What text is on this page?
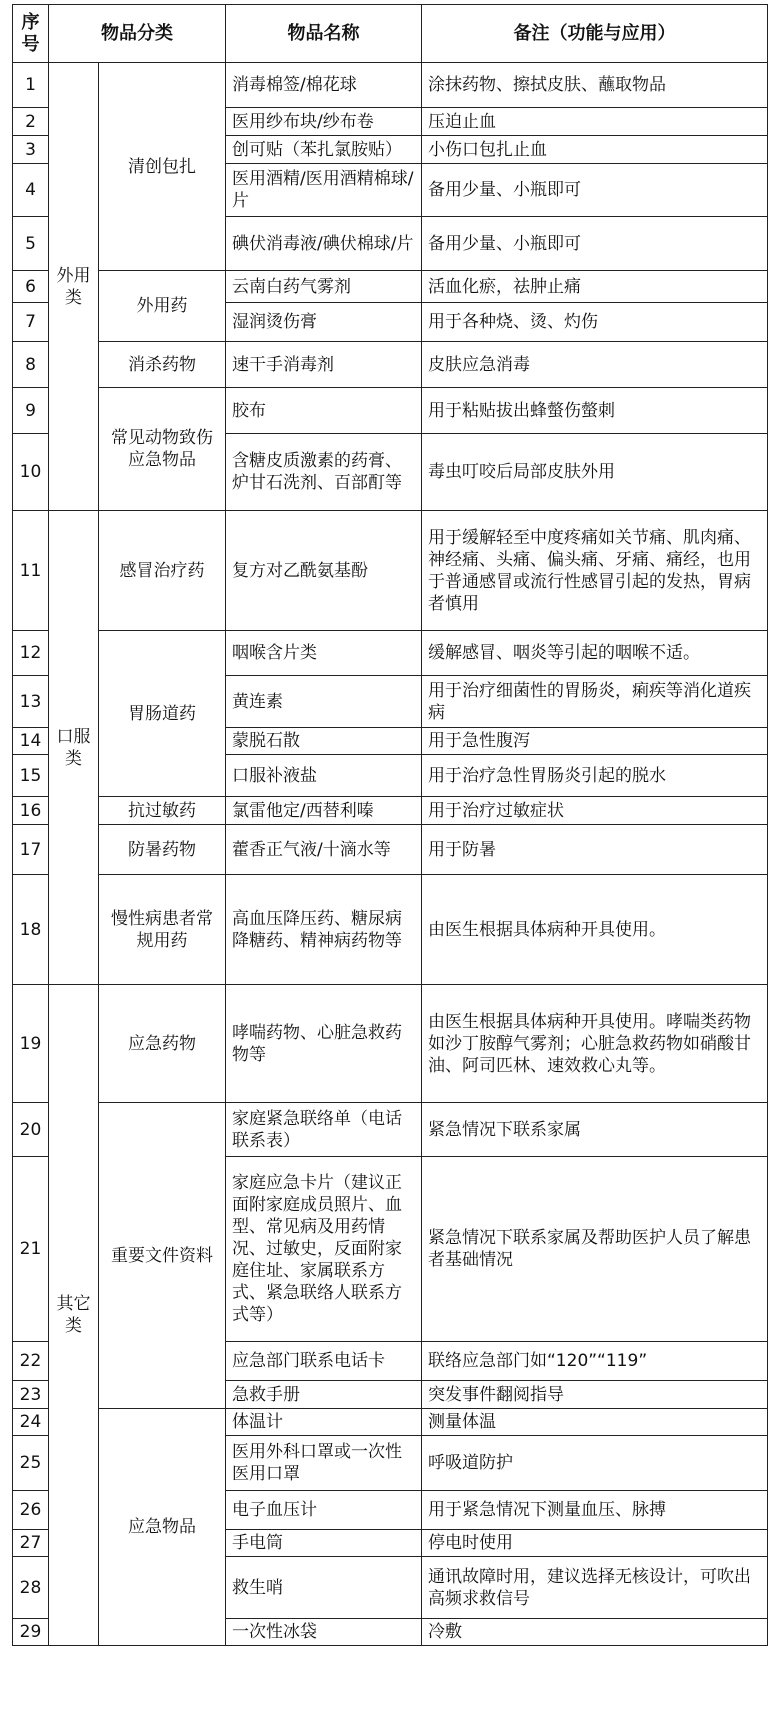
序号	物品分类		物品名称	备注（功能与应用）
1	外用类	清创包扎	消毒棉签/棉花球	涂抹药物、擦拭皮肤、蘸取物品
2			医用纱布块/纱布卷	压迫止血
3			创可贴（苯扎氯胺贴）	小伤口包扎止血
4			医用酒精/医用酒精棉球/片	备用少量、小瓶即可
5			碘伏消毒液/碘伏棉球/片	备用少量、小瓶即可
6		外用药	云南白药气雾剂	活血化瘀，祛肿止痛
7			湿润烫伤膏	用于各种烧、烫、灼伤
8		消杀药物	速干手消毒剂	皮肤应急消毒
9		常见动物致伤应急物品	胶布	用于粘贴拔出蜂螫伤螫刺
10			含糖皮质激素的药膏、炉甘石洗剂、百部酊等	毒虫叮咬后局部皮肤外用
11	口服类	感冒治疗药	复方对乙酰氨基酚	用于缓解轻至中度疼痛如关节痛、肌肉痛、神经痛、头痛、偏头痛、牙痛、痛经，也用于普通感冒或流行性感冒引起的发热，胃病者慎用
12		胃肠道药	咽喉含片类	缓解感冒、咽炎等引起的咽喉不适。
13			黄连素	用于治疗细菌性的胃肠炎，痢疾等消化道疾病
14			蒙脱石散	用于急性腹泻
15			口服补液盐	用于治疗急性胃肠炎引起的脱水
16		抗过敏药	氯雷他定/西替利嗪	用于治疗过敏症状
17		防暑药物	藿香正气液/十滴水等	用于防暑
18		慢性病患者常规用药	高血压降压药、糖尿病降糖药、精神病药物等	由医生根据具体病种开具使用。
19	其它类	应急药物	哮喘药物、心脏急救药物等	由医生根据具体病种开具使用。哮喘类药物如沙丁胺醇气雾剂；心脏急救药物如硝酸甘油、阿司匹林、速效救心丸等。
20		重要文件资料	家庭紧急联络单（电话联系表）	紧急情况下联系家属
21			家庭应急卡片（建议正面附家庭成员照片、血型、常见病及用药情况、过敏史，反面附家庭住址、家属联系方式、紧急联络人联系方式等）	紧急情况下联系家属及帮助医护人员了解患者基础情况
22			应急部门联系电话卡	联络应急部门如“120”“119”
23			急救手册	突发事件翻阅指导
24		应急物品	体温计	测量体温
25			医用外科口罩或一次性医用口罩	呼吸道防护
26			电子血压计	用于紧急情况下测量血压、脉搏
27			手电筒	停电时使用
28			救生哨	通讯故障时用，建议选择无核设计，可吹出高频求救信号
29			一次性冰袋	冷敷
